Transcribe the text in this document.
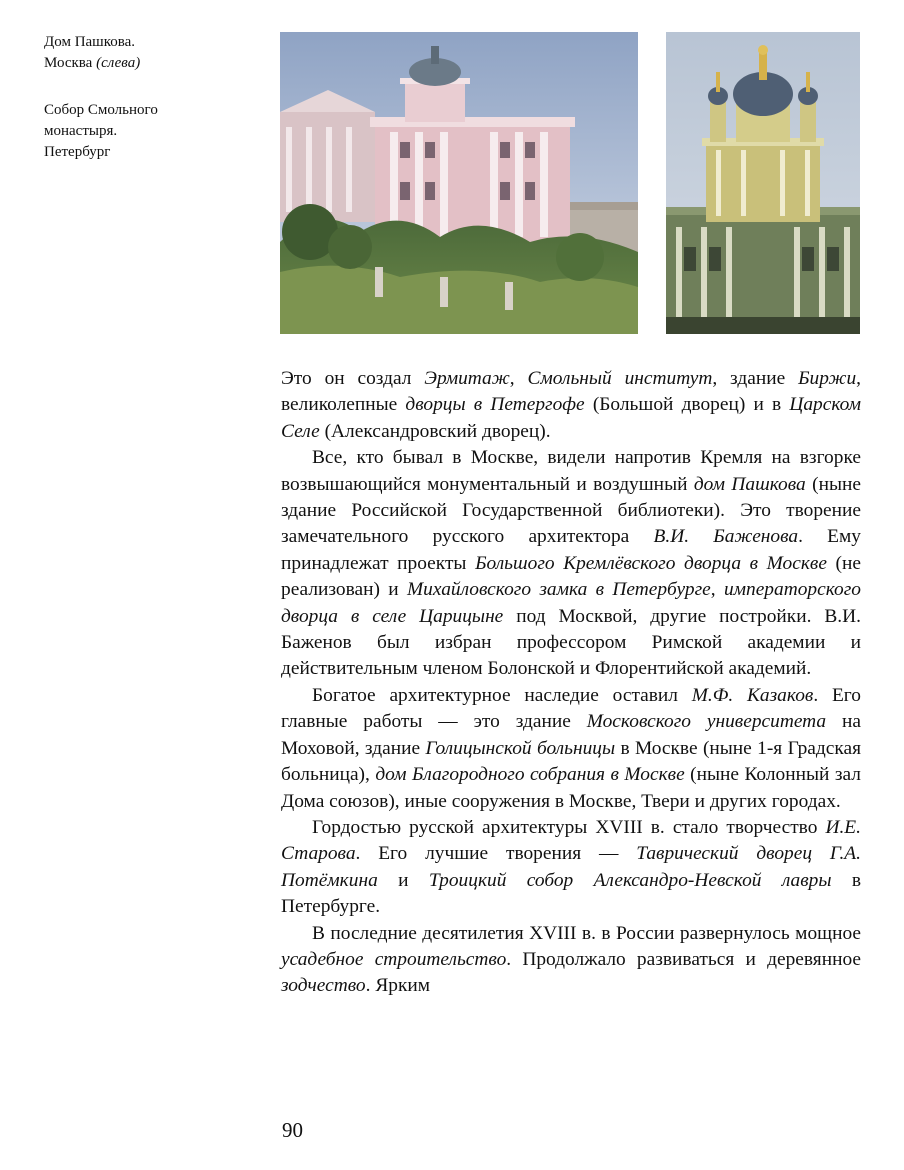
Дом Пашкова.

Москва (слева)

Собор Смольного

монастыря.

Петербург

Это он создал Эрмитаж, Смольный институт, здание Биржи, великолепные дворцы в Петергофе (Большой дворец) и в Царском Селе (Александровский дворец).

Все, кто бывал в Москве, видели напротив Кремля на взгорке возвышающийся монументальный и воздушный дом Пашкова (ныне здание Российской Государственной библиотеки). Это творение замечательного русского архитектора В.И. Баженова. Ему принадлежат проекты Большого Кремлёвского дворца в Москве (не реализован) и Михайловского замка в Петербурге, императорского дворца в селе Царицыне под Москвой, другие постройки. В.И. Баженов был избран профессором Римской академии и действительным членом Болонской и Флорентийской академий.

Богатое архитектурное наследие оставил М.Ф. Казаков. Его главные работы — это здание Московского университета на Моховой, здание Голицынской больницы в Москве (ныне 1-я Градская больница), дом Благородного собрания в Москве (ныне Колонный зал Дома союзов), иные сооружения в Москве, Твери и других городах.

Гордостью русской архитектуры XVIII в. стало творчество И.Е. Старова. Его лучшие творения — Таврический дворец Г.А. Потёмкина и Троицкий собор Александро-Невской лавры в Петербурге.

В последние десятилетия XVIII в. в России развернулось мощное усадебное строительство. Продолжало развиваться и деревянное зодчество. Ярким

90
